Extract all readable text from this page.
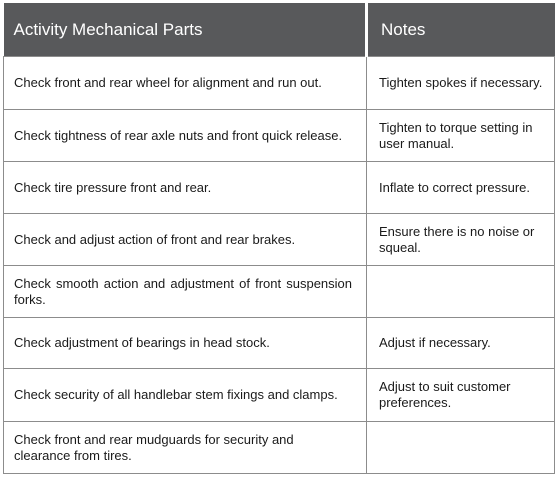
Activity Mechanical Parts	Notes
Check front and rear wheel for alignment and run out.	Tighten spokes if necessary.
Check tightness of rear axle nuts and front quick release.	Tighten to torque setting in user manual.
Check tire pressure front and rear.	Inflate to correct pressure.
Check and adjust action of front and rear brakes.	Ensure there is no noise or squeal.
Check smooth action and adjustment of front suspension forks.	
Check adjustment of bearings in head stock.	Adjust if necessary.
Check security of all handlebar stem fixings and clamps.	Adjust to suit customer preferences.
Check front and rear mudguards for security and clearance from tires.	
